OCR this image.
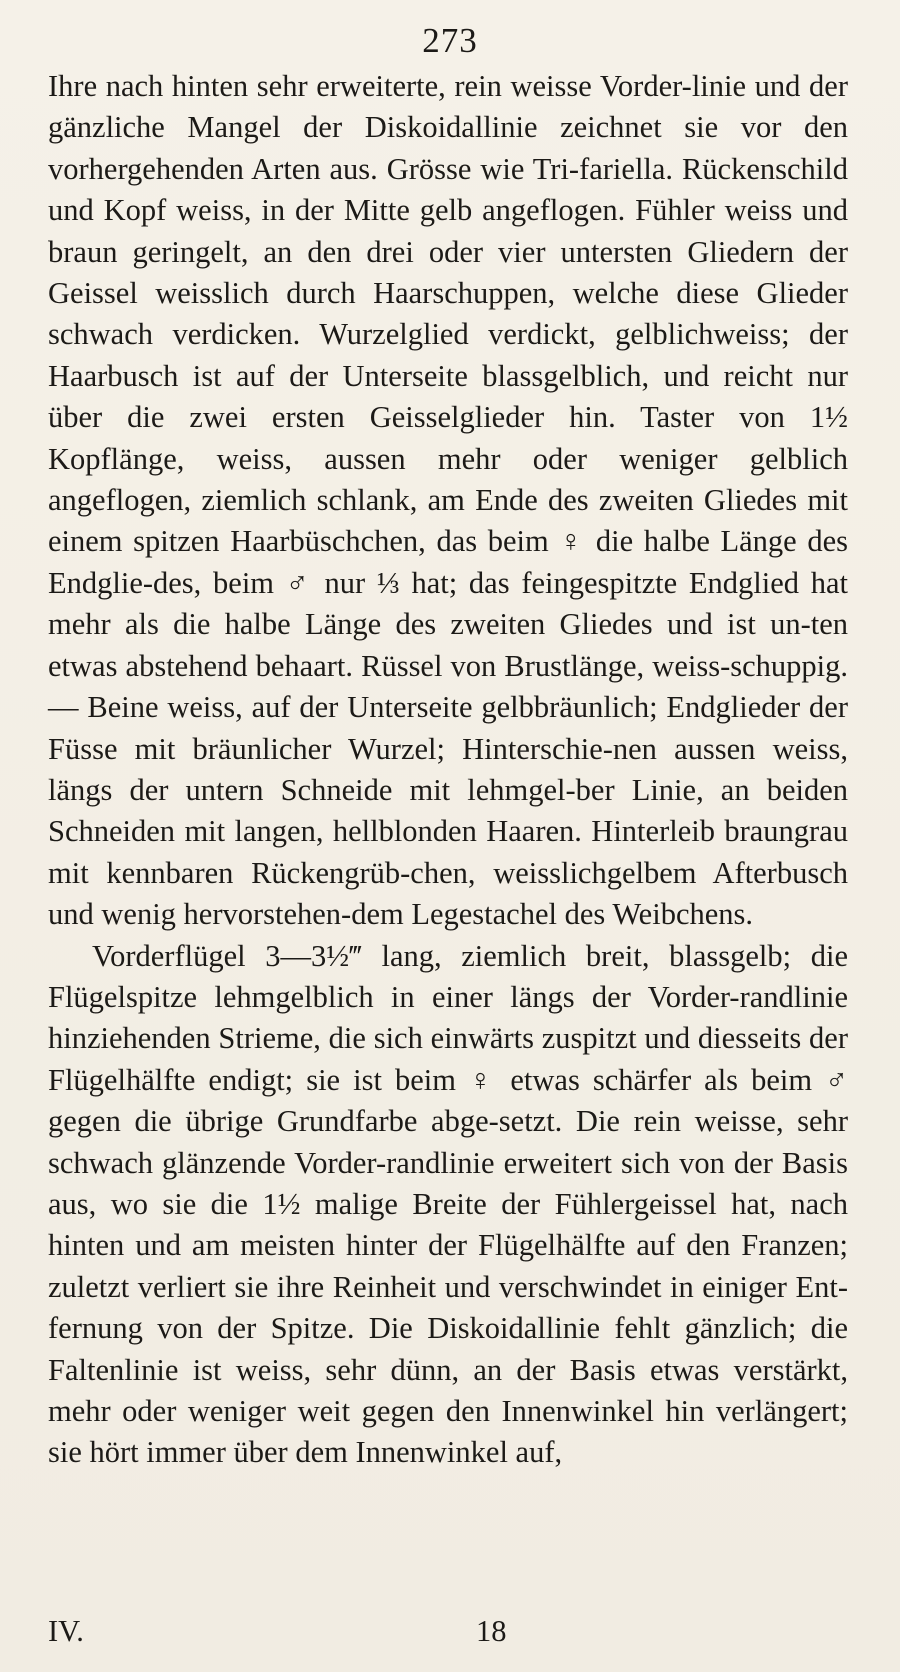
273

Ihre nach hinten sehr erweiterte, rein weisse Vorder-linie und der gänzliche Mangel der Diskoidallinie zeichnet sie vor den vorhergehenden Arten aus. Grösse wie Tri-fariella. Rückenschild und Kopf weiss, in der Mitte gelb angeflogen. Fühler weiss und braun geringelt, an den drei oder vier untersten Gliedern der Geissel weisslich durch Haarschuppen, welche diese Glieder schwach verdicken. Wurzelglied verdickt, gelblichweiss; der Haarbusch ist auf der Unterseite blassgelblich, und reicht nur über die zwei ersten Geisselglieder hin. Taster von 1½ Kopflänge, weiss, aussen mehr oder weniger gelblich angeflogen, ziemlich schlank, am Ende des zweiten Gliedes mit einem spitzen Haarbüschchen, das beim ♀ die halbe Länge des Endglie-des, beim ♂ nur ⅓ hat; das feingespitzte Endglied hat mehr als die halbe Länge des zweiten Gliedes und ist un-ten etwas abstehend behaart. Rüssel von Brustlänge, weiss-schuppig. — Beine weiss, auf der Unterseite gelbbräunlich; Endglieder der Füsse mit bräunlicher Wurzel; Hinterschie-nen aussen weiss, längs der untern Schneide mit lehmgel-ber Linie, an beiden Schneiden mit langen, hellblonden Haaren. Hinterleib braungrau mit kennbaren Rückengrüb-chen, weisslichgelbem Afterbusch und wenig hervorstehen-dem Legestachel des Weibchens.

Vorderflügel 3—3½‴ lang, ziemlich breit, blassgelb; die Flügelspitze lehmgelblich in einer längs der Vorder-randlinie hinziehenden Strieme, die sich einwärts zuspitzt und diesseits der Flügelhälfte endigt; sie ist beim ♀ etwas schärfer als beim ♂ gegen die übrige Grundfarbe abge-setzt. Die rein weisse, sehr schwach glänzende Vorder-randlinie erweitert sich von der Basis aus, wo sie die 1½ malige Breite der Fühlergeissel hat, nach hinten und am meisten hinter der Flügelhälfte auf den Franzen; zuletzt verliert sie ihre Reinheit und verschwindet in einiger Ent-fernung von der Spitze. Die Diskoidallinie fehlt gänzlich; die Faltenlinie ist weiss, sehr dünn, an der Basis etwas verstärkt, mehr oder weniger weit gegen den Innenwinkel hin verlängert; sie hört immer über dem Innenwinkel auf,

IV.	18
